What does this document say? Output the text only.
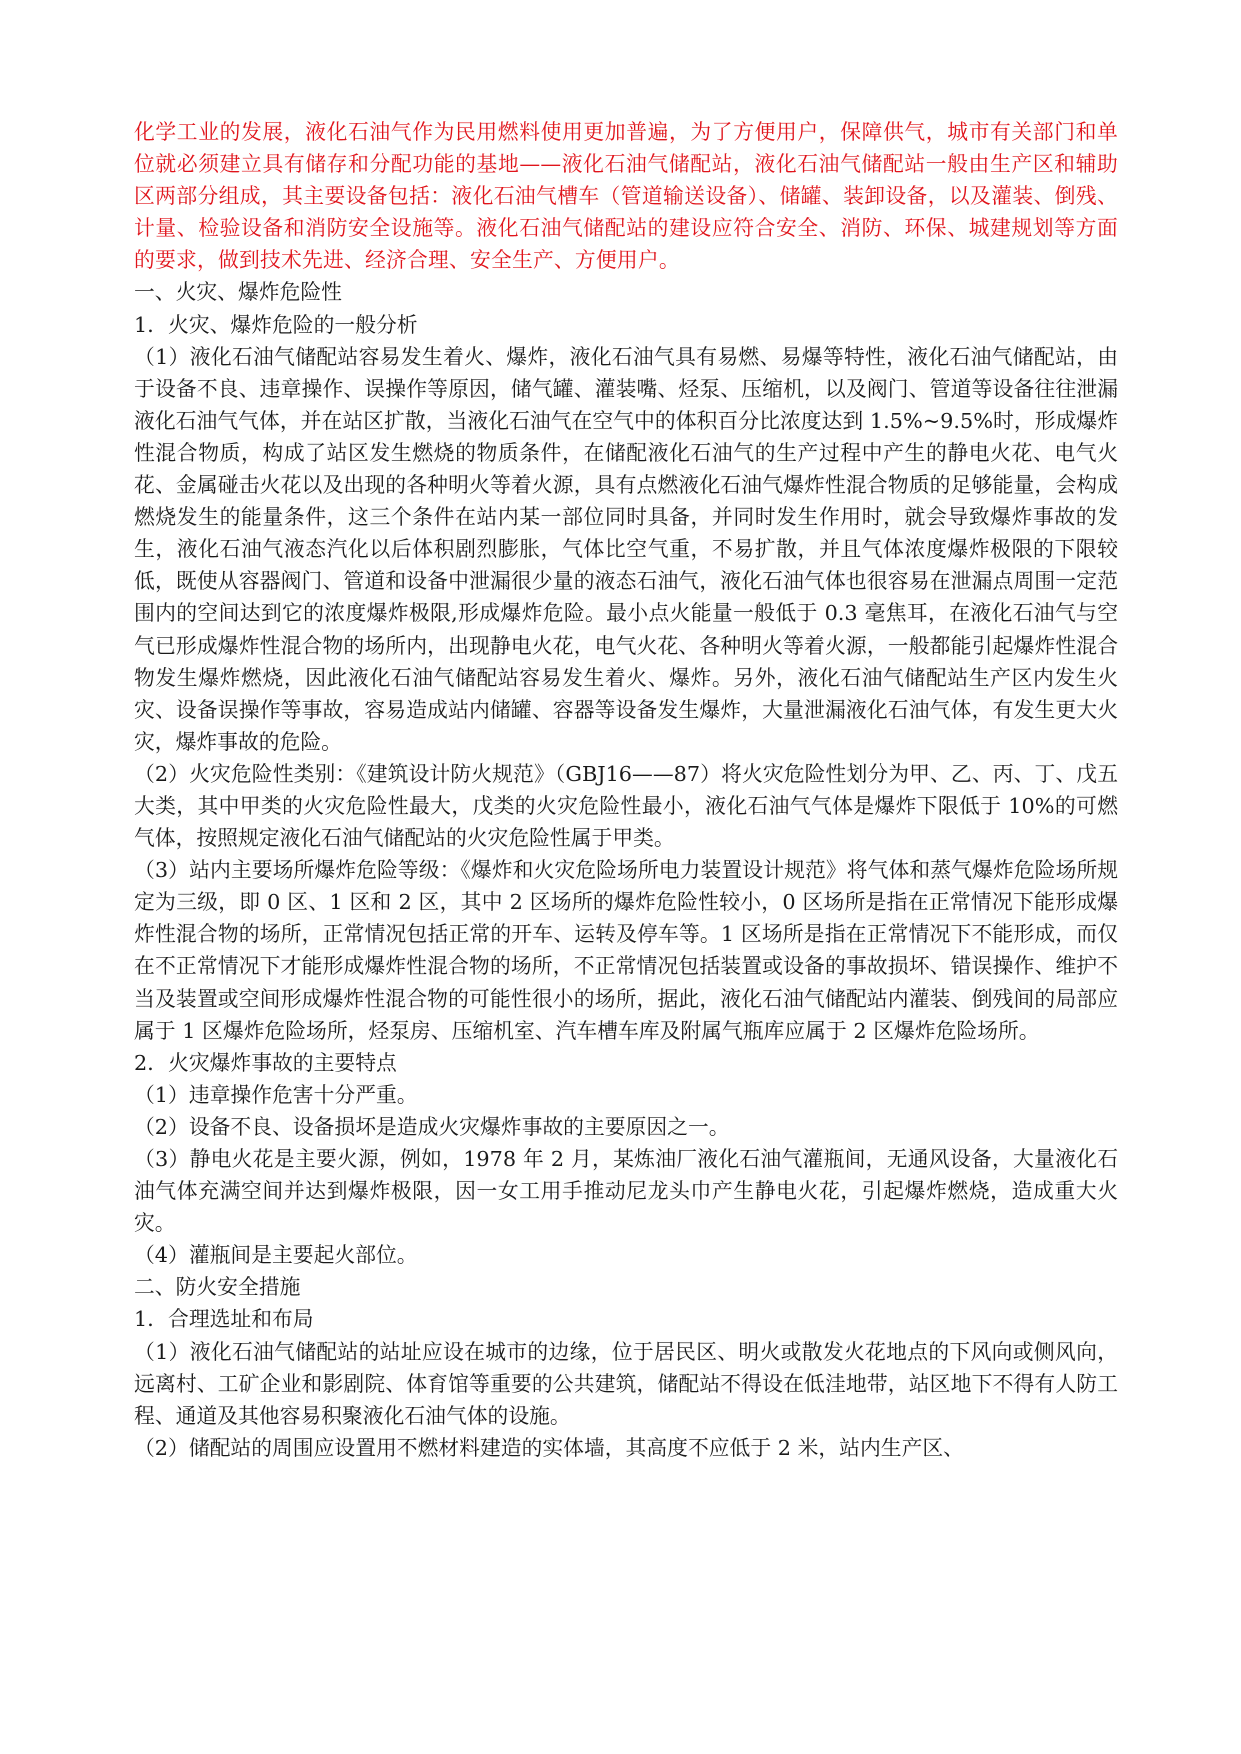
化学工业的发展，液化石油气作为民用燃料使用更加普遍，为了方便用户，保障供气，城市有关部门和单位就必须建立具有储存和分配功能的基地——液化石油气储配站，液化石油气储配站一般由生产区和辅助区两部分组成，其主要设备包括：液化石油气槽车（管道输送设备）、储罐、装卸设备，以及灌装、倒残、计量、检验设备和消防安全设施等。液化石油气储配站的建设应符合安全、消防、环保、城建规划等方面的要求，做到技术先进、经济合理、安全生产、方便用户。

一、火灾、爆炸危险性

1．火灾、爆炸危险的一般分析

（1）液化石油气储配站容易发生着火、爆炸，液化石油气具有易燃、易爆等特性，液化石油气储配站，由于设备不良、违章操作、误操作等原因，储气罐、灌装嘴、烃泵、压缩机，以及阀门、管道等设备往往泄漏液化石油气气体，并在站区扩散，当液化石油气在空气中的体积百分比浓度达到 1.5%~9.5%时，形成爆炸性混合物质，构成了站区发生燃烧的物质条件，在储配液化石油气的生产过程中产生的静电火花、电气火花、金属碰击火花以及出现的各种明火等着火源，具有点燃液化石油气爆炸性混合物质的足够能量，会构成燃烧发生的能量条件，这三个条件在站内某一部位同时具备，并同时发生作用时，就会导致爆炸事故的发生，液化石油气液态汽化以后体积剧烈膨胀，气体比空气重，不易扩散，并且气体浓度爆炸极限的下限较低，既使从容器阀门、管道和设备中泄漏很少量的液态石油气，液化石油气体也很容易在泄漏点周围一定范围内的空间达到它的浓度爆炸极限,形成爆炸危险。最小点火能量一般低于 0.3 毫焦耳，在液化石油气与空气已形成爆炸性混合物的场所内，出现静电火花，电气火花、各种明火等着火源，一般都能引起爆炸性混合物发生爆炸燃烧，因此液化石油气储配站容易发生着火、爆炸。另外，液化石油气储配站生产区内发生火灾、设备误操作等事故，容易造成站内储罐、容器等设备发生爆炸，大量泄漏液化石油气体，有发生更大火灾，爆炸事故的危险。

（2）火灾危险性类别：《建筑设计防火规范》（GBJ16——87）将火灾危险性划分为甲、乙、丙、丁、戊五大类，其中甲类的火灾危险性最大，戊类的火灾危险性最小，液化石油气气体是爆炸下限低于 10%的可燃气体，按照规定液化石油气储配站的火灾危险性属于甲类。

（3）站内主要场所爆炸危险等级：《爆炸和火灾危险场所电力装置设计规范》将气体和蒸气爆炸危险场所规定为三级，即 0 区、1 区和 2 区，其中 2 区场所的爆炸危险性较小，0 区场所是指在正常情况下能形成爆炸性混合物的场所，正常情况包括正常的开车、运转及停车等。1 区场所是指在正常情况下不能形成，而仅在不正常情况下才能形成爆炸性混合物的场所，不正常情况包括装置或设备的事故损坏、错误操作、维护不当及装置或空间形成爆炸性混合物的可能性很小的场所，据此，液化石油气储配站内灌装、倒残间的局部应属于 1 区爆炸危险场所，烃泵房、压缩机室、汽车槽车库及附属气瓶库应属于 2 区爆炸危险场所。

2．火灾爆炸事故的主要特点

（1）违章操作危害十分严重。

（2）设备不良、设备损坏是造成火灾爆炸事故的主要原因之一。

（3）静电火花是主要火源，例如，1978 年 2 月，某炼油厂液化石油气灌瓶间，无通风设备，大量液化石油气体充满空间并达到爆炸极限，因一女工用手推动尼龙头巾产生静电火花，引起爆炸燃烧，造成重大火灾。

（4）灌瓶间是主要起火部位。

二、防火安全措施

1．合理选址和布局

（1）液化石油气储配站的站址应设在城市的边缘，位于居民区、明火或散发火花地点的下风向或侧风向，远离村、工矿企业和影剧院、体育馆等重要的公共建筑，储配站不得设在低洼地带，站区地下不得有人防工程、通道及其他容易积聚液化石油气体的设施。

（2）储配站的周围应设置用不燃材料建造的实体墙，其高度不应低于 2 米，站内生产区、
